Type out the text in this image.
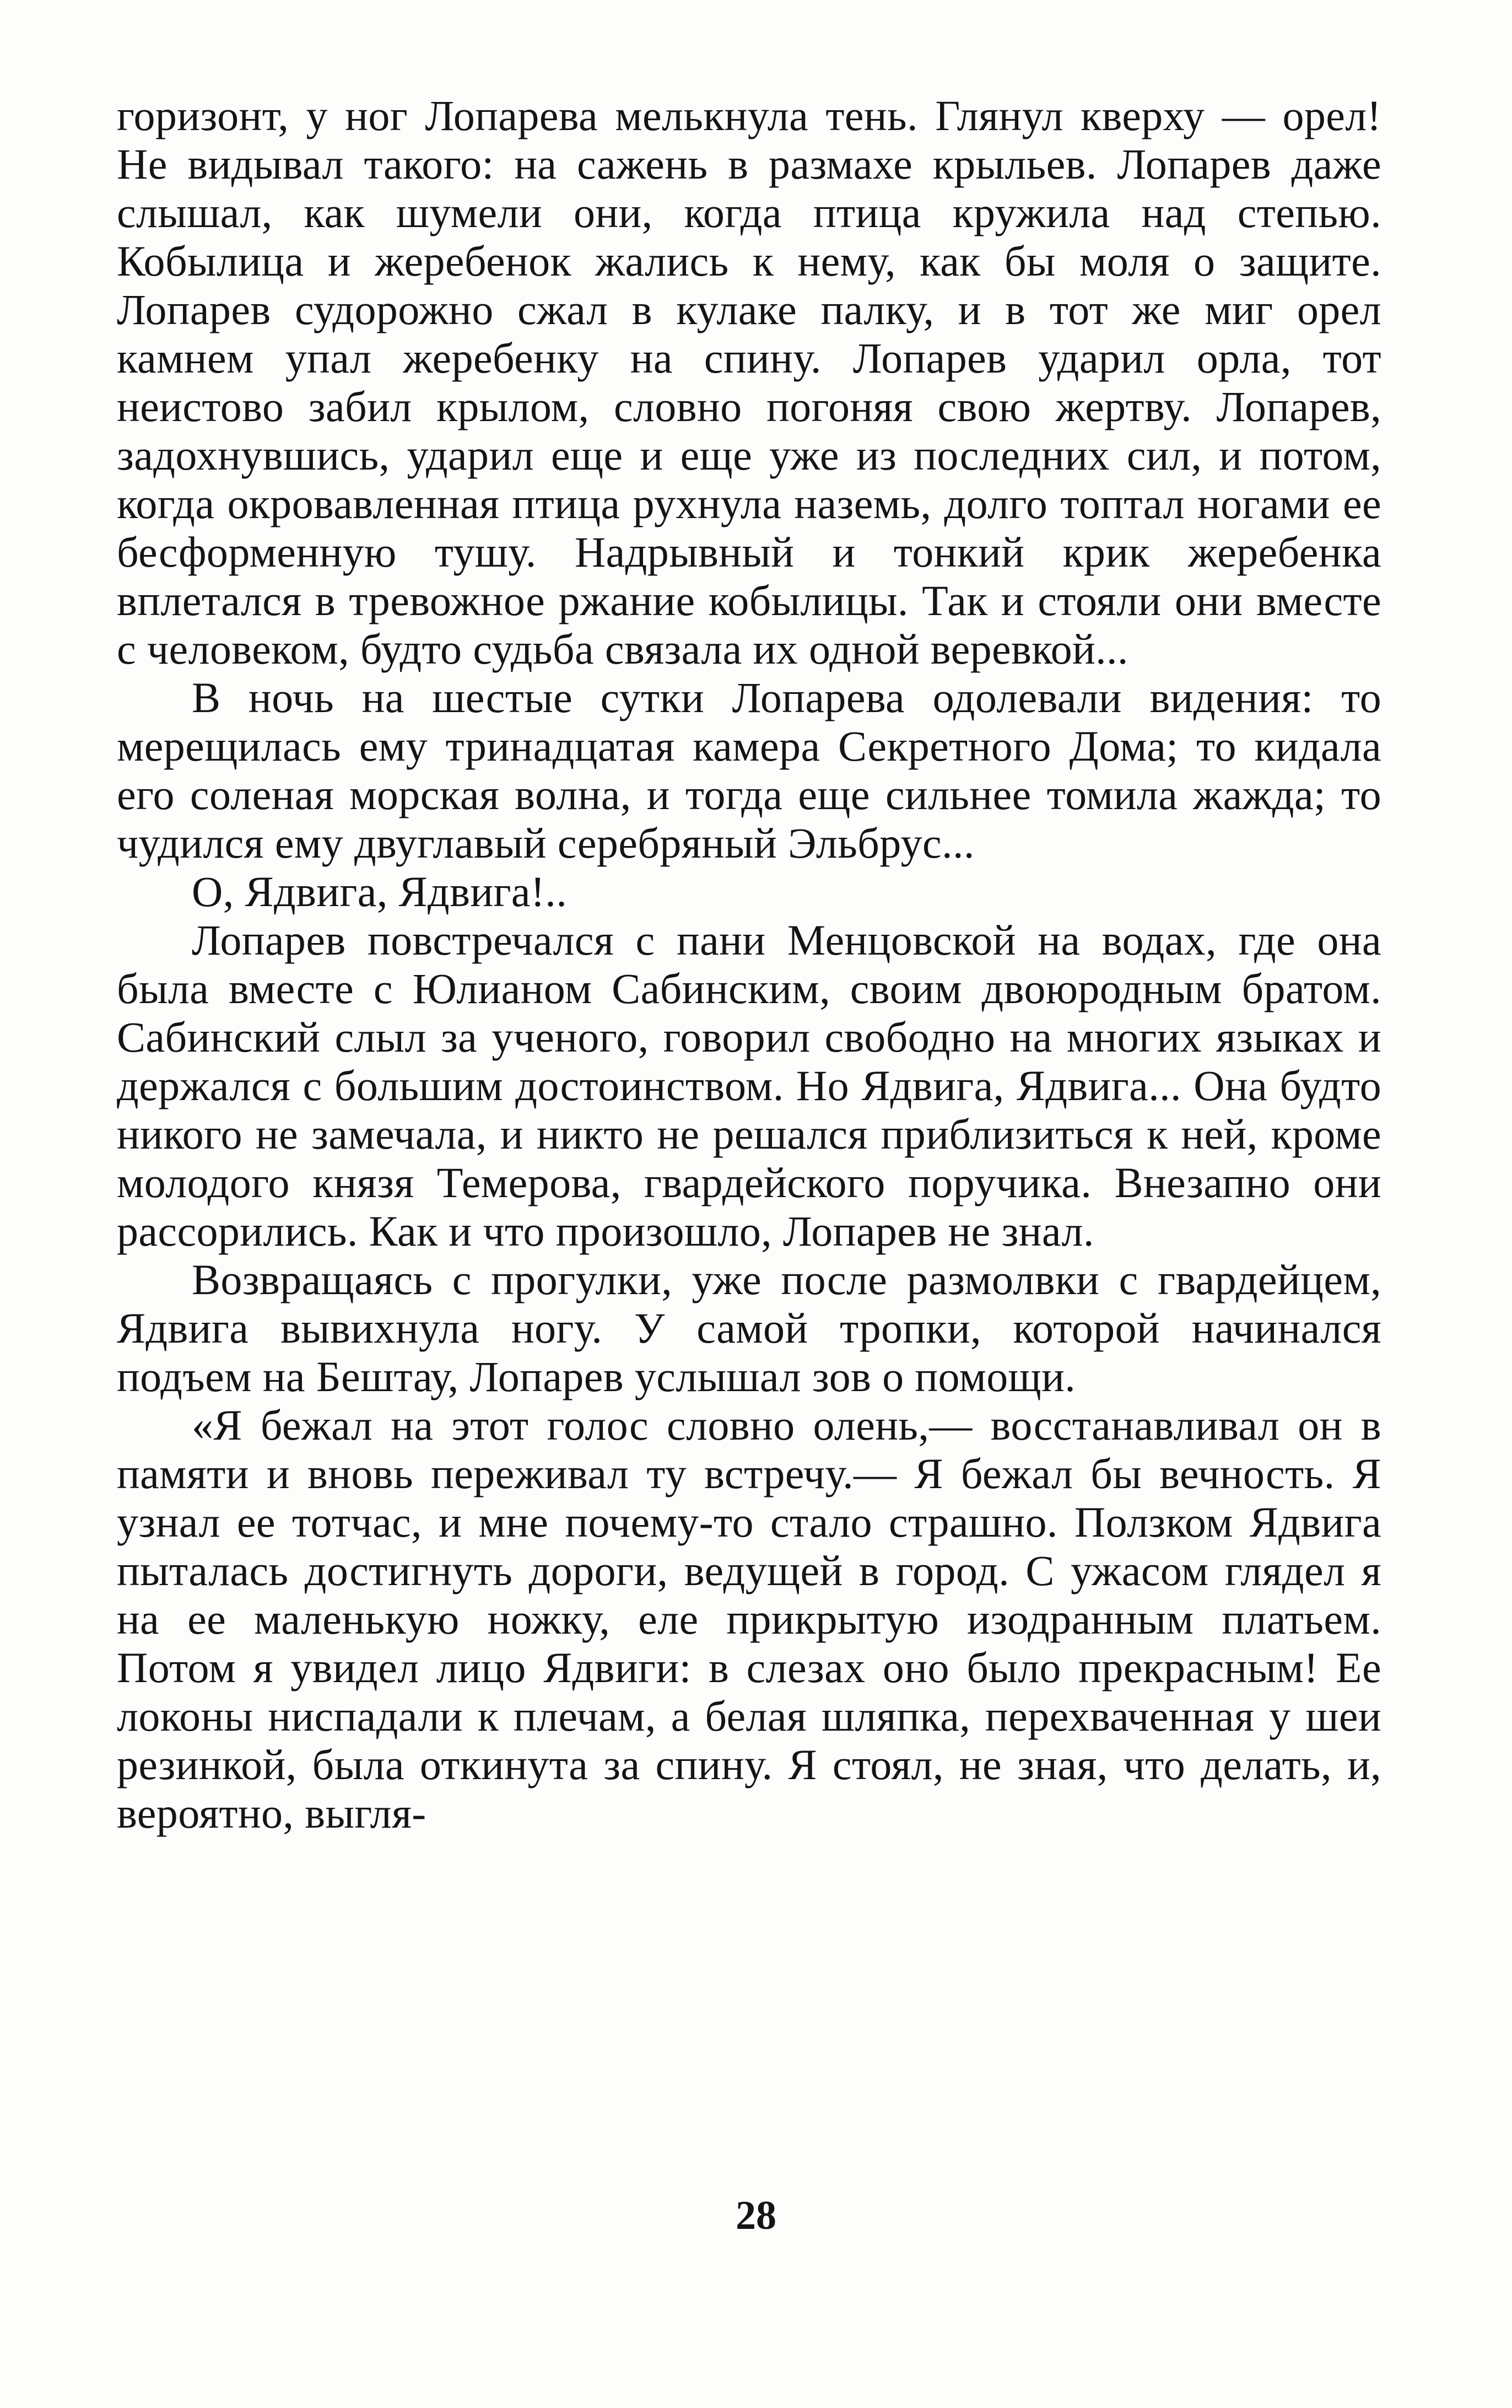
горизонт, у ног Лопарева мелькнула тень. Глянул кверху — орел! Не видывал такого: на сажень в размахе крыльев. Лопарев даже слышал, как шумели они, когда птица кружила над степью. Кобылица и жеребенок жались к нему, как бы моля о защите. Лопарев судорожно сжал в кулаке палку, и в тот же миг орел камнем упал жеребенку на спину. Лопарев ударил орла, тот неистово забил крылом, словно погоняя свою жертву. Лопарев, задохнувшись, ударил еще и еще уже из последних сил, и потом, когда окровавленная птица рухнула наземь, долго топтал ногами ее бесформенную тушу. Надрывный и тонкий крик жеребенка вплетался в тревожное ржание кобылицы. Так и стояли они вместе с человеком, будто судьба связала их одной веревкой...

В ночь на шестые сутки Лопарева одолевали видения: то мерещилась ему тринадцатая камера Секретного Дома; то кидала его соленая морская волна, и тогда еще сильнее томила жажда; то чудился ему двуглавый серебряный Эльбрус...

О, Ядвига, Ядвига!..

Лопарев повстречался с пани Менцовской на водах, где она была вместе с Юлианом Сабинским, своим двоюродным братом. Сабинский слыл за ученого, говорил свободно на многих языках и держался с большим достоинством. Но Ядвига, Ядвига... Она будто никого не замечала, и никто не решался приблизиться к ней, кроме молодого князя Темерова, гвардейского поручика. Внезапно они рассорились. Как и что произошло, Лопарев не знал.

Возвращаясь с прогулки, уже после размолвки с гвардейцем, Ядвига вывихнула ногу. У самой тропки, которой начинался подъем на Бештау, Лопарев услышал зов о помощи.

«Я бежал на этот голос словно олень,— восстанавливал он в памяти и вновь переживал ту встречу.— Я бежал бы вечность. Я узнал ее тотчас, и мне почему-то стало страшно. Ползком Ядвига пыталась достигнуть дороги, ведущей в город. С ужасом глядел я на ее маленькую ножку, еле прикрытую изодранным платьем. Потом я увидел лицо Ядвиги: в слезах оно было прекрасным! Ее локоны ниспадали к плечам, а белая шляпка, перехваченная у шеи резинкой, была откинута за спину. Я стоял, не зная, что делать, и, вероятно, выгля-

28
